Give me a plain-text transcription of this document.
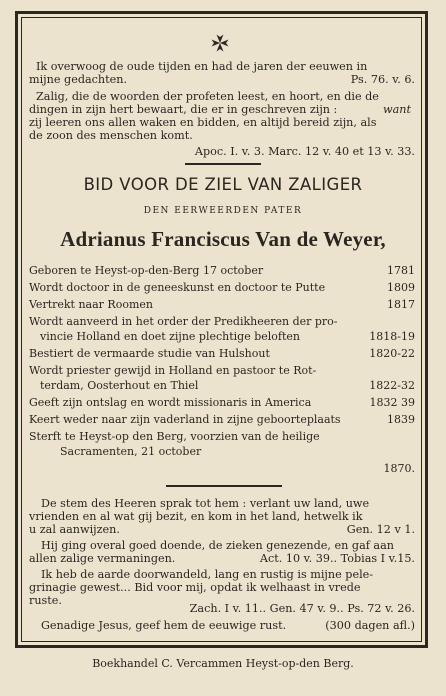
Ik overwoog de oude tijden en had de jaren der eeuwen in
mijne gedachten.	Ps. 76. v. 6.
Zalig, die de woorden der profeten leest, en hoort, en die de
dingen in zijn hert bewaart, die er in geschreven zijn :	want
zij leeren ons allen waken en bidden, en altijd bereid zijn, als
de zoon des menschen komt.
Apoc. I. v. 3. Marc. 12 v. 40 et 13 v. 33.
BID VOOR DE ZIEL VAN ZALIGER
DEN EERWEERDEN PATER
Adrianus Franciscus Van de Weyer,
Geboren te Heyst-op-den-Berg 17 october	1781
Wordt doctoor in de geneeskunst en doctoor te Putte	1809
Vertrekt naar Roomen	1817
Wordt aanveerd in het order der Predikheeren der pro-
vincie Holland en doet zijne plechtige beloften	1818-19
Bestiert de vermaarde studie van Hulshout	1820-22
Wordt priester gewijd in Holland en pastoor te Rot-
terdam, Oosterhout en Thiel	1822-32
Geeft zijn ontslag en wordt missionaris in America	1832 39
Keert weder naar zijn vaderland in zijne geboorteplaats	1839
Sterft te Heyst-op den Berg, voorzien van de heilige
Sacramenten, 21 october
1870.
De stem des Heeren sprak tot hem : verlant uw land, uwe
vrienden en al wat gij bezit, en kom in het land, hetwelk ik
u zal aanwijzen.	Gen. 12 v 1.
Hij ging overal goed doende, de zieken genezende, en gaf aan
allen zalige vermaningen.	Act. 10 v. 39.. Tobias I v.15.
Ik heb de aarde doorwandeld, lang en rustig is mijne pele-
grinagie gewest... Bid voor mij, opdat ik welhaast in vrede
ruste.
Zach. I v. 11.. Gen. 47 v. 9.. Ps. 72 v. 26.
Genadige Jesus, geef hem de eeuwige rust.	(300 dagen afl.)
Boekhandel C. Vercammen Heyst-op-den Berg.
